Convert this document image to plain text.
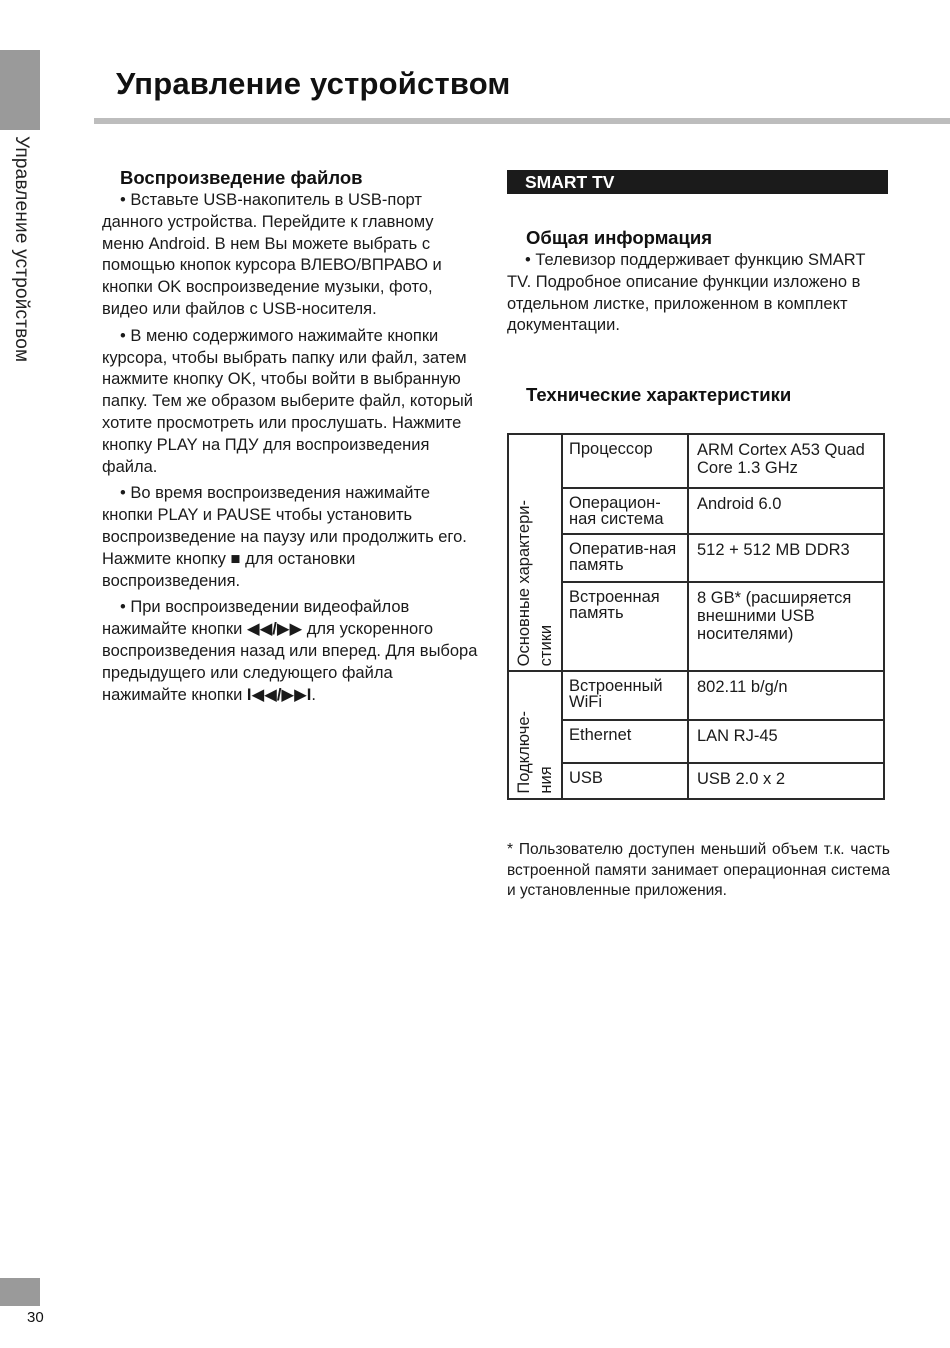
Управление устройством
Управление устройством
Воспроизведение файлов

• Вставьте USB-накопитель в USB-порт данного устройства. Перейдите к главному меню Android. В нем Вы можете выбрать с помощью кнопок курсора ВЛЕВО/ВПРАВО и кнопки OK воспроизведение музыки, фото, видео или файлов с USB-носителя.

• В меню содержимого нажимайте кнопки курсора, чтобы выбрать папку или файл, затем нажмите кнопку OK, чтобы войти в выбранную папку. Тем же образом выберите файл, который хотите просмотреть или прослушать. Нажмите кнопку PLAY на ПДУ для воспроизведения файла.

• Во время воспроизведения нажимайте кнопки PLAY и PAUSE чтобы установить воспроизведение на паузу или продолжить его. Нажмите кнопку ■ для остановки воспроизведения.

• При воспроизведении видеофайлов нажимайте кнопки ◀◀/▶▶ для ускоренного воспроизведения назад или вперед. Для выбора предыдущего или следующего файла нажимайте кнопки I◀◀/▶▶I.

SMART TV
Общая информация

• Телевизор поддерживает функцию SMART TV. Подробное описание функции изложено в отдельном листке, приложенном в комплект документации.

Технические характеристики
Основные характери-
стики	Процессор	ARM Cortex A53 Quad Core 1.3 GHz
	Операцион-ная система	Android 6.0
	Оператив-ная память	512 + 512 MB DDR3
	Встроенная память	8 GB* (расширяется внешними USB носителями)

Подключе-
ния	Встроенный WiFi	802.11 b/g/n
	Ethernet	LAN RJ-45
	USB	USB 2.0 x 2
* Пользователю доступен меньший объем т.к. часть встроенной памяти занимает операционная система и установленные приложения.
30
